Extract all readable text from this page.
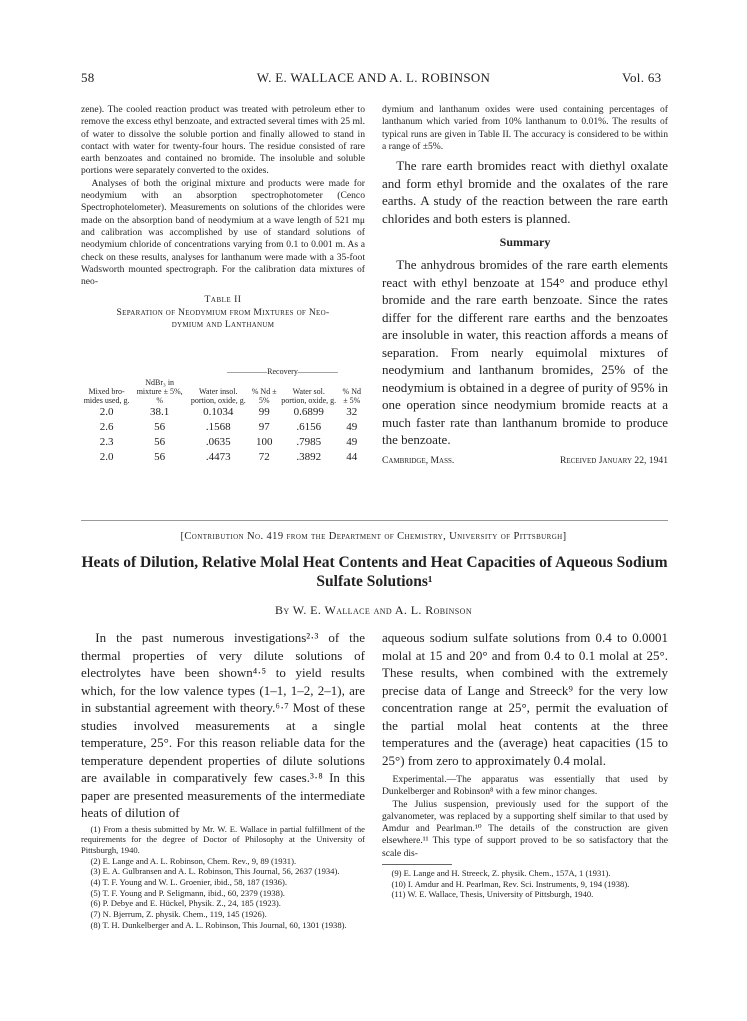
58	W. E. WALLACE AND A. L. ROBINSON	Vol. 63

zene). The cooled reaction product was treated with petroleum ether to remove the excess ethyl benzoate, and extracted several times with 25 ml. of water to dissolve the soluble portion and finally allowed to stand in contact with water for twenty-four hours. The residue consisted of rare earth benzoates and contained no bromide. The insoluble and soluble portions were separately converted to the oxides.

Analyses of both the original mixture and products were made for neodymium with an absorption spectrophotometer (Cenco Spectrophotelometer). Measurements on solutions of the chlorides were made on the absorption band of neodymium at a wave length of 521 mμ and calibration was accomplished by use of standard solutions of neodymium chloride of concentrations varying from 0.1 to 0.001 m. As a check on these results, analyses for lanthanum were made with a 35-foot Wadsworth mounted spectrograph. For the calibration data mixtures of neo-

Table II
Separation of Neodymium from Mixtures of Neo-
dymium and Lanthanum
—————Recovery—————
Mixed bro-mides used, g.	NdBr₃ in mixture ± 5%, %	Water insol. portion, oxide, g.	% Nd ± 5%	Water sol. portion, oxide, g.	% Nd ± 5%
2.0	38.1	0.1034	99	0.6899	32
2.6	56	.1568	97	.6156	49
2.3	56	.0635	100	.7985	49
2.0	56	.4473	72	.3892	44

dymium and lanthanum oxides were used containing percentages of lanthanum which varied from 10% lanthanum to 0.01%. The results of typical runs are given in Table II. The accuracy is considered to be within a range of ±5%.

The rare earth bromides react with diethyl oxalate and form ethyl bromide and the oxalates of the rare earths. A study of the reaction between the rare earth chlorides and both esters is planned.

Summary

The anhydrous bromides of the rare earth elements react with ethyl benzoate at 154° and produce ethyl bromide and the rare earth benzoate. Since the rates differ for the different rare earths and the benzoates are insoluble in water, this reaction affords a means of separation. From nearly equimolal mixtures of neodymium and lanthanum bromides, 25% of the neodymium is obtained in a degree of purity of 95% in one operation since neodymium bromide reacts at a much faster rate than lanthanum bromide to produce the benzoate.

Cambridge, Mass.	Received January 22, 1941
[Contribution No. 419 from the Department of Chemistry, University of Pittsburgh]
Heats of Dilution, Relative Molal Heat Contents and Heat Capacities of Aqueous Sodium Sulfate Solutions¹
By W. E. Wallace and A. L. Robinson

In the past numerous investigations²·³ of the thermal properties of very dilute solutions of electrolytes have been shown⁴·⁵ to yield results which, for the low valence types (1–1, 1–2, 2–1), are in substantial agreement with theory.⁶·⁷ Most of these studies involved measurements at a single temperature, 25°. For this reason reliable data for the temperature dependent properties of dilute solutions are available in comparatively few cases.³·⁸ In this paper are presented measurements of the intermediate heats of dilution of

(1) From a thesis submitted by Mr. W. E. Wallace in partial fulfillment of the requirements for the degree of Doctor of Philosophy at the University of Pittsburgh, 1940.

(2) E. Lange and A. L. Robinson, Chem. Rev., 9, 89 (1931).

(3) E. A. Gulbransen and A. L. Robinson, This Journal, 56, 2637 (1934).

(4) T. F. Young and W. L. Groenier, ibid., 58, 187 (1936).

(5) T. F. Young and P. Seligmann, ibid., 60, 2379 (1938).

(6) P. Debye and E. Hückel, Physik. Z., 24, 185 (1923).

(7) N. Bjerrum, Z. physik. Chem., 119, 145 (1926).

(8) T. H. Dunkelberger and A. L. Robinson, This Journal, 60, 1301 (1938).

aqueous sodium sulfate solutions from 0.4 to 0.0001 molal at 15 and 20° and from 0.4 to 0.1 molal at 25°. These results, when combined with the extremely precise data of Lange and Streeck⁹ for the very low concentration range at 25°, permit the evaluation of the partial molal heat contents at the three temperatures and the (average) heat capacities (15 to 25°) from zero to approximately 0.4 molal.

Experimental.—The apparatus was essentially that used by Dunkelberger and Robinson⁸ with a few minor changes.

The Julius suspension, previously used for the support of the galvanometer, was replaced by a supporting shelf similar to that used by Amdur and Pearlman.¹⁰ The details of the construction are given elsewhere.¹¹ This type of support proved to be so satisfactory that the scale dis-

(9) E. Lange and H. Streeck, Z. physik. Chem., 157A, 1 (1931).

(10) I. Amdur and H. Pearlman, Rev. Sci. Instruments, 9, 194 (1938).

(11) W. E. Wallace, Thesis, University of Pittsburgh, 1940.
